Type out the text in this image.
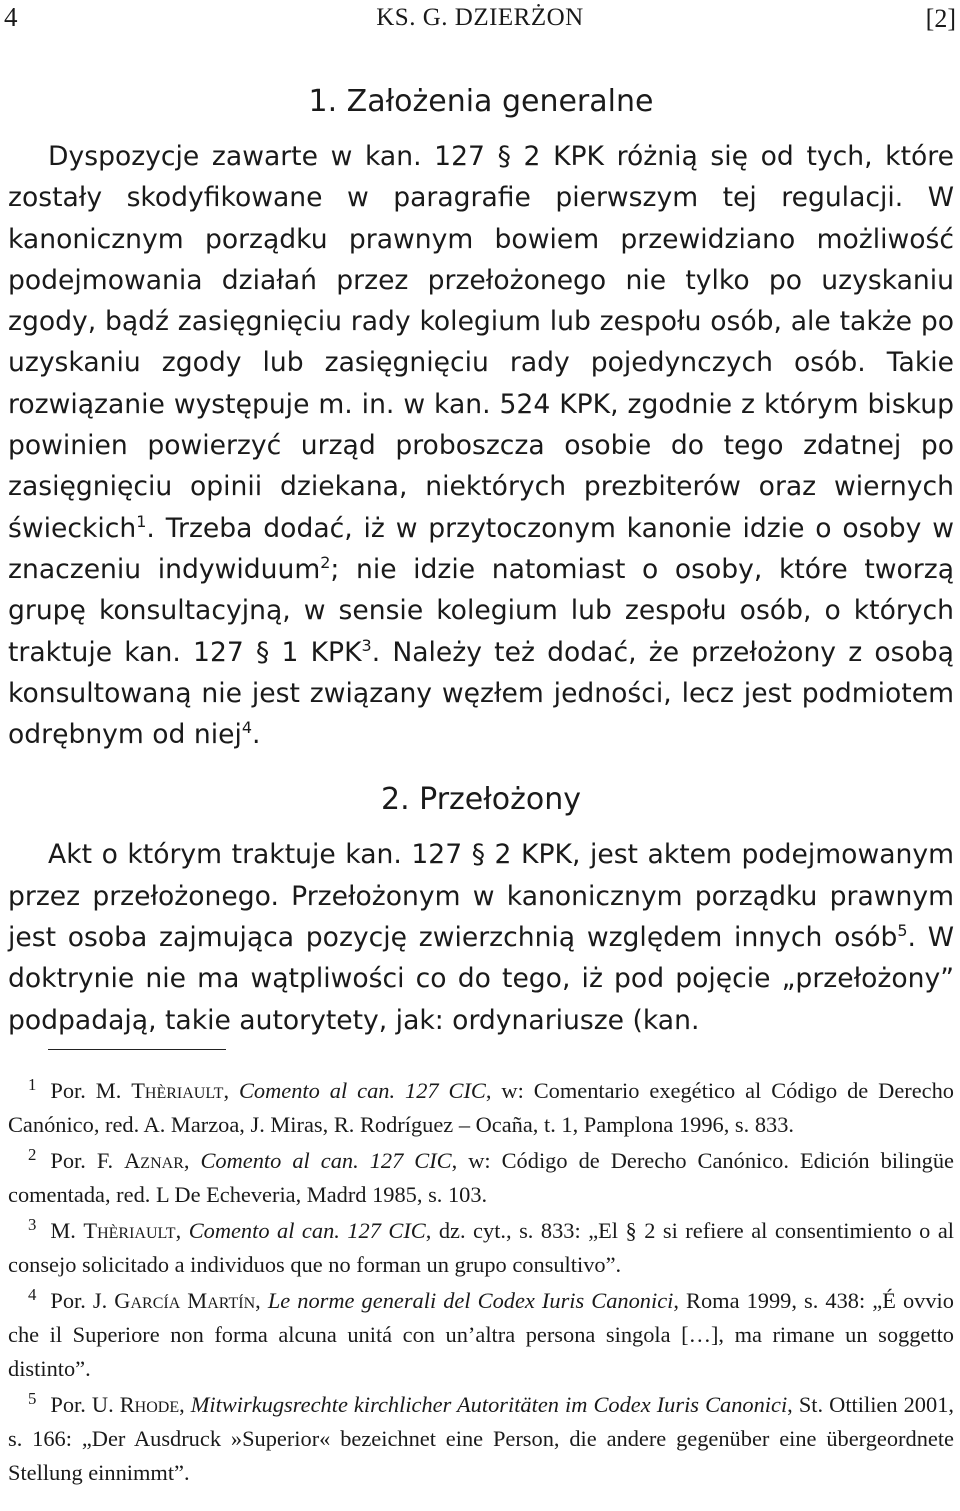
4	KS. G. DZIERŻON	[2]
1. Założenia generalne

Dyspozycje zawarte w kan. 127 § 2 KPK różnią się od tych, które zostały skodyfikowane w paragrafie pierwszym tej regulacji. W kanonicznym porządku prawnym bowiem przewidziano możliwość podejmowania działań przez przełożonego nie tylko po uzyskaniu zgody, bądź zasięgnięciu rady kolegium lub zespołu osób, ale także po uzyskaniu zgody lub zasięgnięciu rady pojedynczych osób. Takie rozwiązanie występuje m. in. w kan. 524 KPK, zgodnie z którym biskup powinien powierzyć urząd proboszcza osobie do tego zdatnej po zasięgnięciu opinii dziekana, niektórych prezbiterów oraz wiernych świeckich$^1$. Trzeba dodać, iż w przytoczonym kanonie idzie o osoby w znaczeniu indywiduum$^2$; nie idzie natomiast o osoby, które tworzą grupę konsultacyjną, w sensie kolegium lub zespołu osób, o których traktuje kan. 127 § 1 KPK$^3$. Należy też dodać, że przełożony z osobą konsultowaną nie jest związany węzłem jedności, lecz jest podmiotem odrębnym od niej$^4$.

2. Przełożony

Akt o którym traktuje kan. 127 § 2 KPK, jest aktem podejmowanym przez przełożonego. Przełożonym w kanonicznym porządku prawnym jest osoba zajmująca pozycję zwierzchnią względem innych osób$^5$. W doktrynie nie ma wątpliwości co do tego, iż pod pojęcie „przełożony” podpadają, takie autorytety, jak: ordynariusze (kan.

$^1$ Por. M. Thèriault, Comento al can. 127 CIC, w: Comentario exegético al Código de Derecho Canónico, red. A. Marzoa, J. Miras, R. Rodríguez – Ocaña, t. 1, Pamplona 1996, s. 833.

$^2$ Por. F. Aznar, Comento al can. 127 CIC, w: Código de Derecho Canónico. Edición bilingüe comentada, red. L De Echeveria, Madrd 1985, s. 103.

$^3$ M. Thèriault, Comento al can. 127 CIC, dz. cyt., s. 833: „El § 2 si refiere al consentimiento o al consejo solicitado a individuos que no forman un grupo consultivo”.

$^4$ Por. J. García Martín, Le norme generali del Codex Iuris Canonici, Roma 1999, s. 438: „É ovvio che il Superiore non forma alcuna unitá con un’altra persona singola […], ma rimane un soggetto distinto”.

$^5$ Por. U. Rhode, Mitwirkugsrechte kirchlicher Autoritäten im Codex Iuris Canonici, St. Ottilien 2001, s. 166: „Der Ausdruck »Superior« bezeichnet eine Person, die andere gegenüber eine übergeordnete Stellung einnimmt”.
